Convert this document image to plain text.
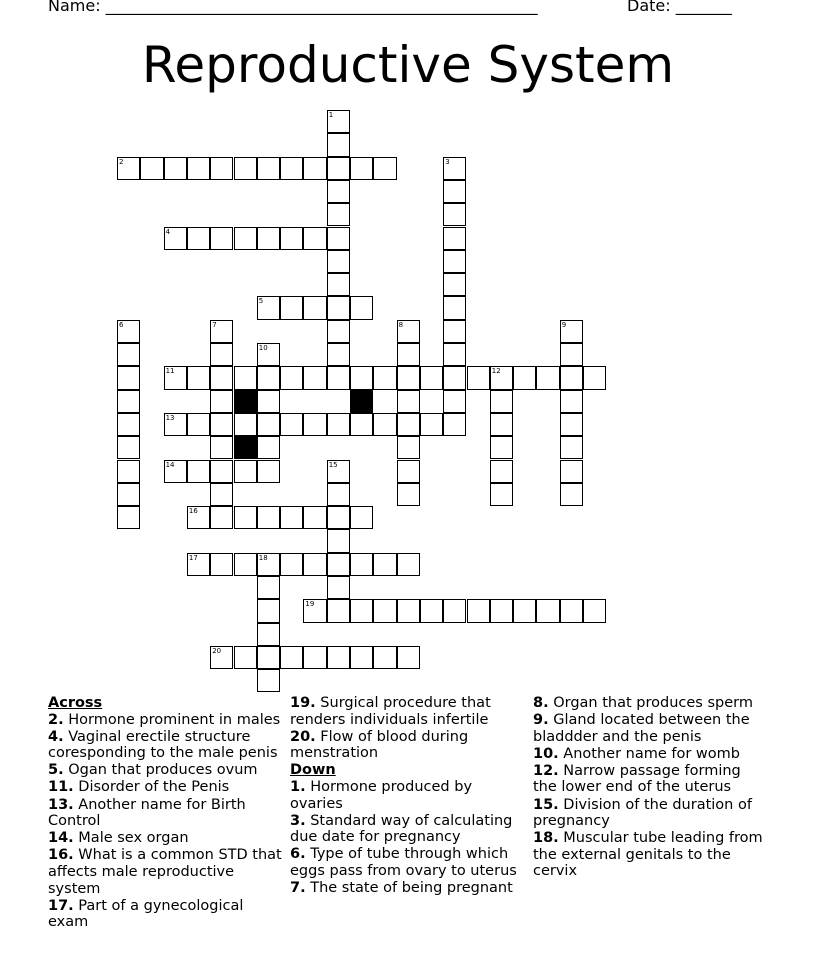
Name: ______________________________________________________	Date: _______
Reproductive System
1
2	3
4
5
6	7	8	9
10
11	12
13
14	15
16
17	18
19
20
Across
2. Hormone prominent in males
4. Vaginal erectile structure coresponding to the male penis
5. Ogan that produces ovum
11. Disorder of the Penis
13. Another name for Birth Control
14. Male sex organ
16. What is a common STD that affects male reproductive system
17. Part of a gynecological exam
19. Surgical procedure that renders individuals infertile
20. Flow of blood during menstration
Down
1. Hormone produced by ovaries
3. Standard way of calculating due date for pregnancy
6. Type of tube through which eggs pass from ovary to uterus
7. The state of being pregnant
8. Organ that produces sperm
9. Gland located between the bladdder and the penis
10. Another name for womb
12. Narrow passage forming the lower end of the uterus
15. Division of the duration of pregnancy
18. Muscular tube leading from the external genitals to the cervix
